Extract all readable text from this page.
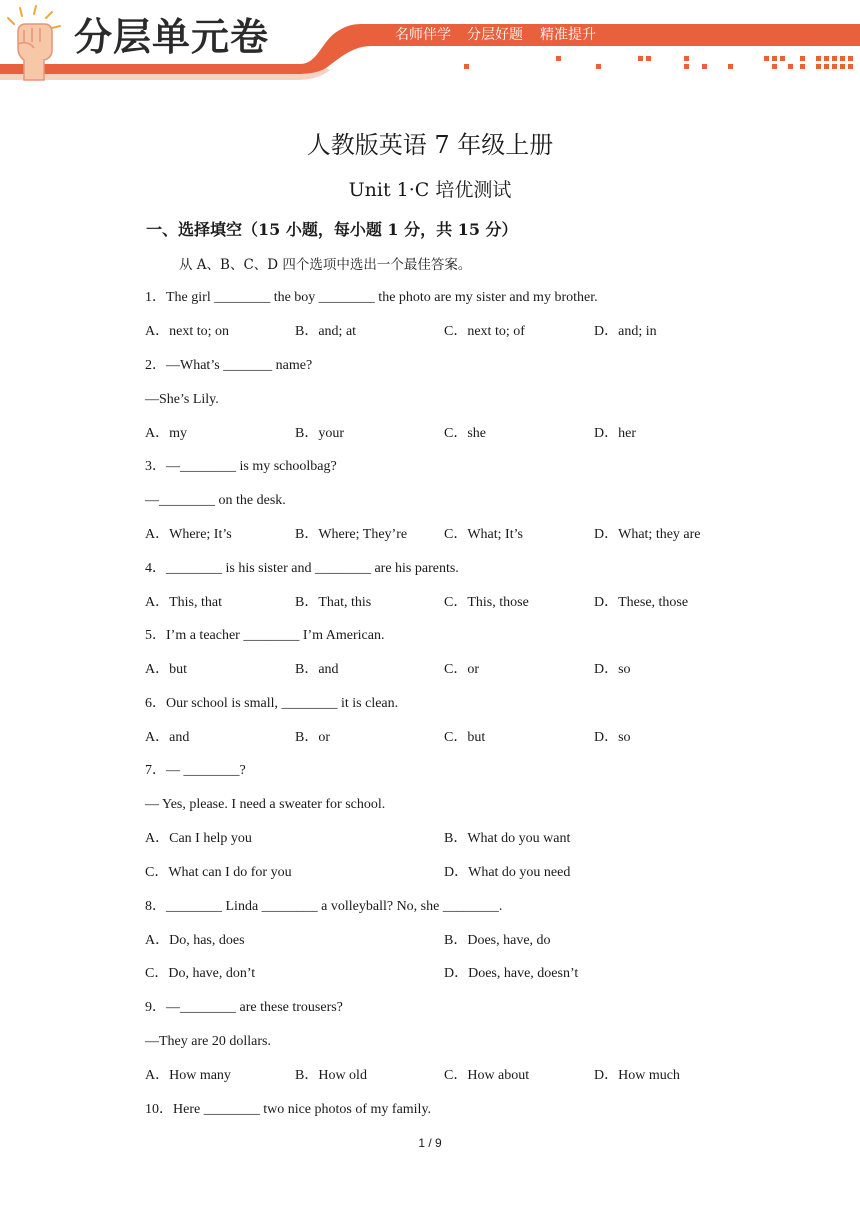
分层单元卷	名师伴学 分层好题 精准提升
人教版英语 7 年级上册
Unit 1·C 培优测试
一、选择填空（15 小题，每小题 1 分，共 15 分）
从 A、B、C、D 四个选项中选出一个最佳答案。
1．The girl ________ the boy ________ the photo are my sister and my brother.
A．next to; on	B．and; at	C．next to; of	D．and; in
2．—What’s _______ name?
—She’s Lily.
A．my	B．your	C．she	D．her
3．—________ is my schoolbag?
—________ on the desk.
A．Where; It’s	B．Where; They’re	C．What; It’s	D．What; they are
4．________ is his sister and ________ are his parents.
A．This, that	B．That, this	C．This, those	D．These, those
5．I’m a teacher ________ I’m American.
A．but	B．and	C．or	D．so
6．Our school is small, ________ it is clean.
A．and	B．or	C．but	D．so
7．— ________?
— Yes, please. I need a sweater for school.
A．Can I help you	B．What do you want
C．What can I do for you	D．What do you need
8．________ Linda ________ a volleyball? No, she ________.
A．Do, has, does	B．Does, have, do
C．Do, have, don’t	D．Does, have, doesn’t
9．—________ are these trousers?
—They are 20 dollars.
A．How many	B．How old	C．How about	D．How much
10．Here ________ two nice photos of my family.
1 / 9
